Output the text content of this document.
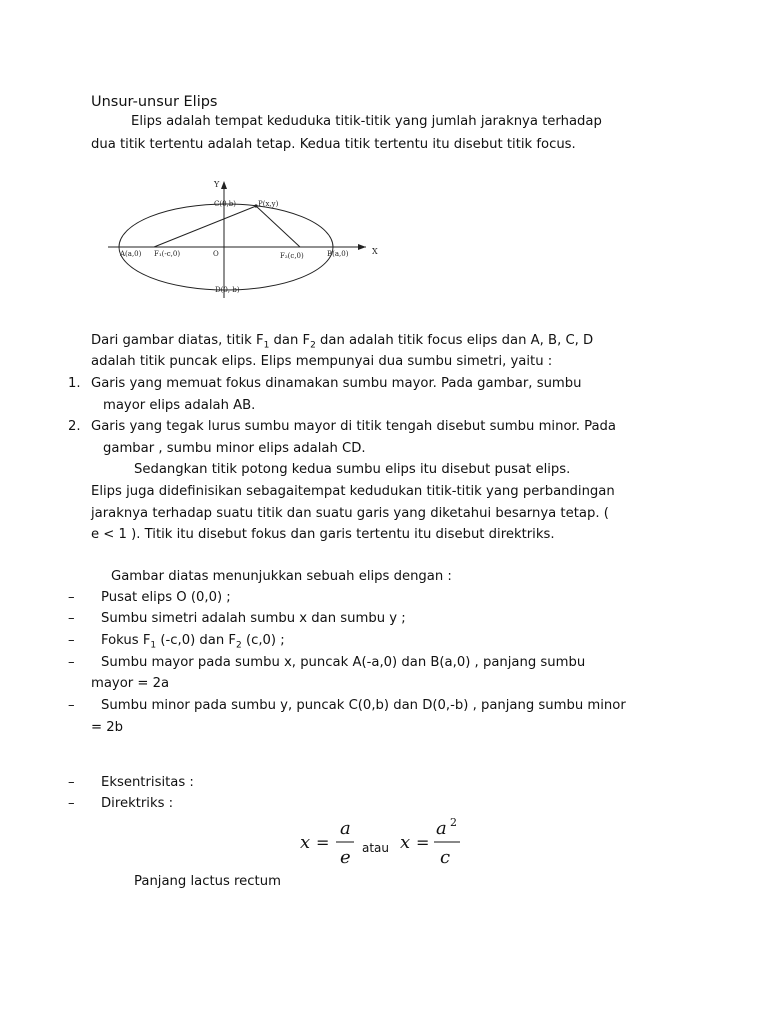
Unsur-unsur Elips
Elips adalah tempat keduduka titik-titik yang jumlah jaraknya terhadap
dua titik tertentu adalah tetap. Kedua titik tertentu itu disebut titik focus.
Y
X
C(0,b)	P(x,y)
A(a,0) F₁(-c,0)	O	F₂(c,0)	B(a,0)
D(0,-b)
Dari gambar diatas, titik $F_1$ dan $F_2$ dan adalah titik focus elips dan A, B, C, D
adalah titik puncak elips. Elips mempunyai dua sumbu simetri, yaitu :
1. Garis yang memuat fokus dinamakan sumbu mayor. Pada gambar, sumbu
mayor elips adalah AB.
2. Garis yang tegak lurus sumbu mayor di titik tengah disebut sumbu minor. Pada
gambar , sumbu minor elips adalah CD.
Sedangkan titik potong kedua sumbu elips itu disebut pusat elips.
Elips juga didefinisikan sebagaitempat kedudukan titik-titik yang perbandingan
jaraknya terhadap suatu titik dan suatu garis yang diketahui besarnya tetap. (
e < 1 ). Titik itu disebut fokus dan garis tertentu itu disebut direktriks.
Gambar diatas menunjukkan sebuah elips dengan :
– Pusat elips O (0,0) ;
– Sumbu simetri adalah sumbu x dan sumbu y ;
– Fokus $F_1$ (-c,0) dan $F_2$ (c,0) ;
– Sumbu mayor pada sumbu x, puncak A(-a,0) dan B(a,0) , panjang sumbu
mayor = 2a
– Sumbu minor pada sumbu y, puncak C(0,b) dan D(0,-b) , panjang sumbu minor
= 2b
– Eksentrisitas :
– Direktriks :
x =
a
e atau x =
a 2
c
Panjang lactus rectum
